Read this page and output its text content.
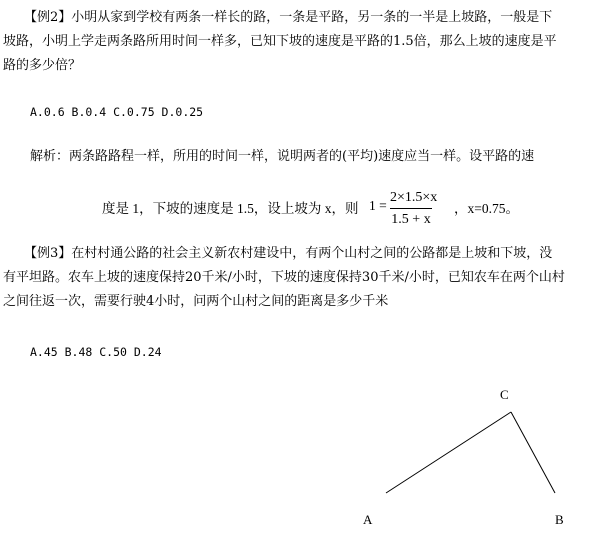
【例2】小明从家到学校有两条一样长的路，一条是平路，另一条的一半是上坡路，一般是下
坡路，小明上学走两条路所用时间一样多，已知下坡的速度是平路的1.5倍，那么上坡的速度是平
路的多少倍？
A.0.6 B.0.4 C.0.75 D.0.25
解析：两条路路程一样，所用的时间一样，说明两者的(平均)速度应当一样。设平路的速
度是 1，下坡的速度是 1.5，设上坡为 x，则 1 =
2×1.5×x
1.5 + x
，x=0.75。
【例3】在村村通公路的社会主义新农村建设中，有两个山村之间的公路都是上坡和下坡，没
有平坦路。农车上坡的速度保持20千米/小时，下坡的速度保持30千米/小时，已知农车在两个山村
之间往返一次，需要行驶4小时，问两个山村之间的距离是多少千米
A.45 B.48 C.50 D.24
A	B
C
